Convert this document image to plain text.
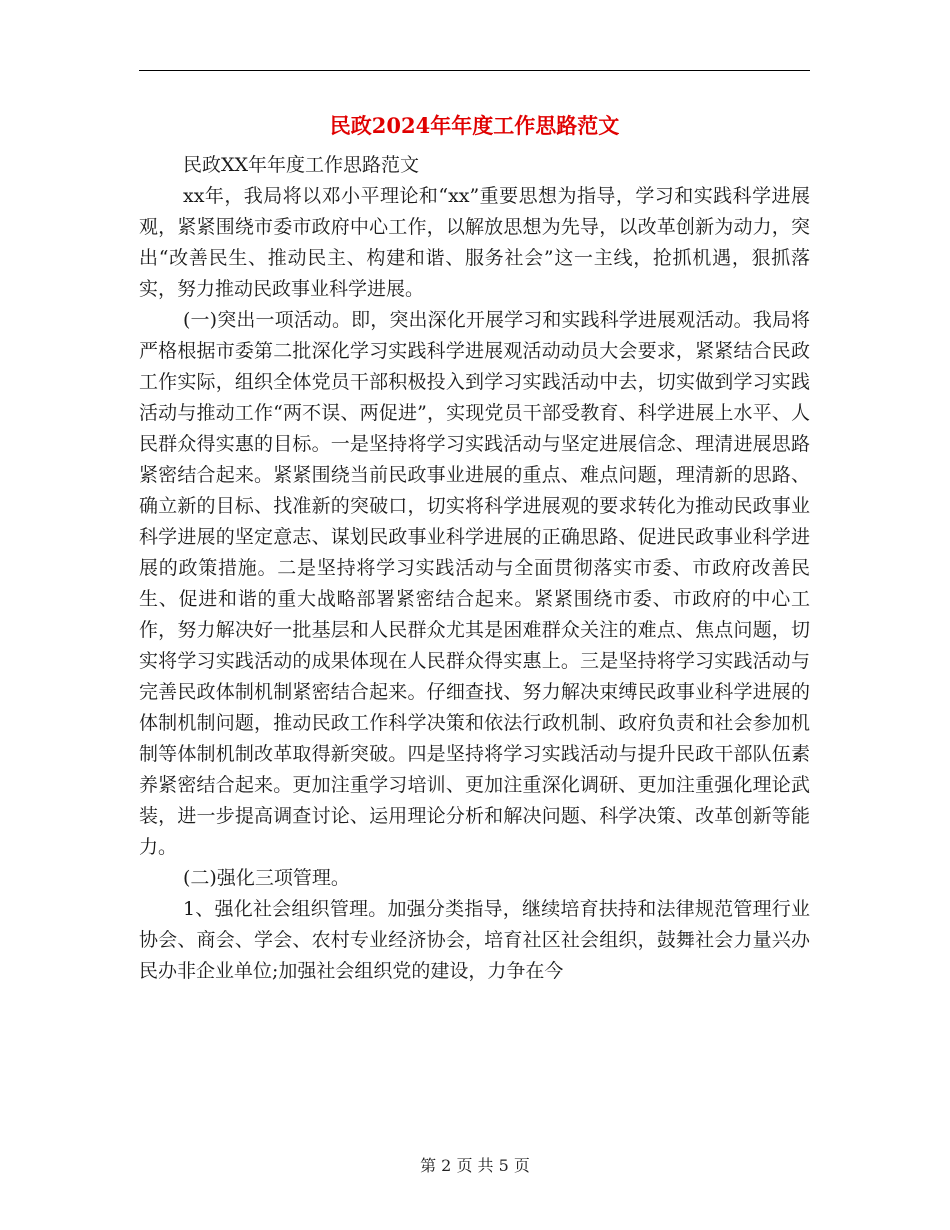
民政2024年年度工作思路范文

民政XX年年度工作思路范文

xx年，我局将以邓小平理论和“xx”重要思想为指导，学习和实践科学进展观，紧紧围绕市委市政府中心工作，以解放思想为先导，以改革创新为动力，突出“改善民生、推动民主、构建和谐、服务社会”这一主线，抢抓机遇，狠抓落实，努力推动民政事业科学进展。

(一)突出一项活动。即，突出深化开展学习和实践科学进展观活动。我局将严格根据市委第二批深化学习实践科学进展观活动动员大会要求，紧紧结合民政工作实际，组织全体党员干部积极投入到学习实践活动中去，切实做到学习实践活动与推动工作“两不误、两促进”，实现党员干部受教育、科学进展上水平、人民群众得实惠的目标。一是坚持将学习实践活动与坚定进展信念、理清进展思路紧密结合起来。紧紧围绕当前民政事业进展的重点、难点问题，理清新的思路、确立新的目标、找准新的突破口，切实将科学进展观的要求转化为推动民政事业科学进展的坚定意志、谋划民政事业科学进展的正确思路、促进民政事业科学进展的政策措施。二是坚持将学习实践活动与全面贯彻落实市委、市政府改善民生、促进和谐的重大战略部署紧密结合起来。紧紧围绕市委、市政府的中心工作，努力解决好一批基层和人民群众尤其是困难群众关注的难点、焦点问题，切实将学习实践活动的成果体现在人民群众得实惠上。三是坚持将学习实践活动与完善民政体制机制紧密结合起来。仔细查找、努力解决束缚民政事业科学进展的体制机制问题，推动民政工作科学决策和依法行政机制、政府负责和社会参加机制等体制机制改革取得新突破。四是坚持将学习实践活动与提升民政干部队伍素养紧密结合起来。更加注重学习培训、更加注重深化调研、更加注重强化理论武装，进一步提高调查讨论、运用理论分析和解决问题、科学决策、改革创新等能力。

(二)强化三项管理。

1、强化社会组织管理。加强分类指导，继续培育扶持和法律规范管理行业协会、商会、学会、农村专业经济协会，培育社区社会组织，鼓舞社会力量兴办民办非企业单位;加强社会组织党的建设，力争在今

第 2 页 共 5 页
